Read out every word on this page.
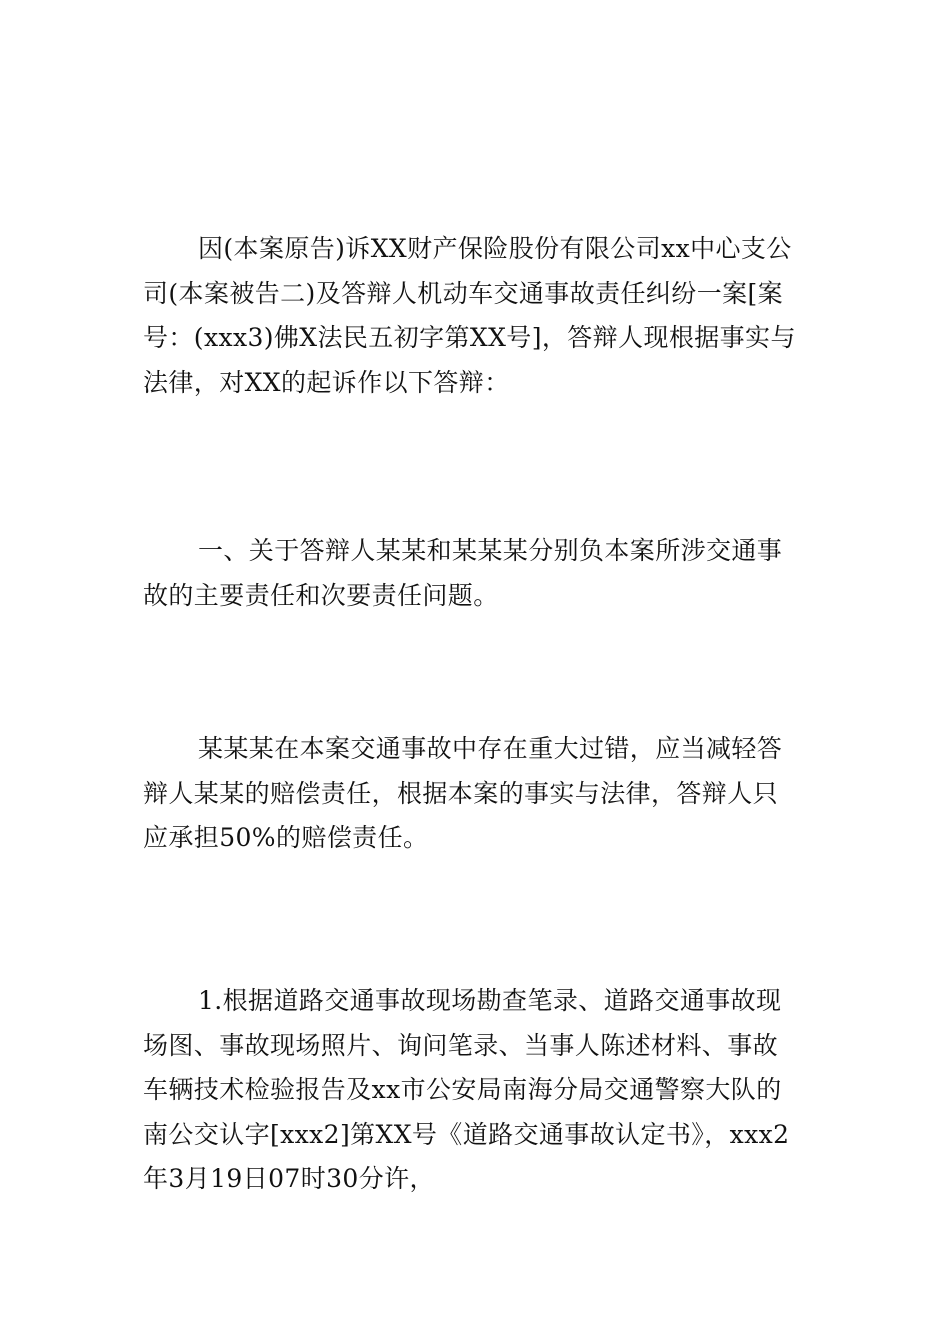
因(本案原告)诉XX财产保险股份有限公司xx中心支公
司(本案被告二)及答辩人机动车交通事故责任纠纷一案[案
号：(xxx3)佛X法民五初字第XX号]，答辩人现根据事实与
法律，对XX的起诉作以下答辩：
一、关于答辩人某某和某某某分别负本案所涉交通事
故的主要责任和次要责任问题。
某某某在本案交通事故中存在重大过错，应当减轻答
辩人某某的赔偿责任，根据本案的事实与法律，答辩人只
应承担50%的赔偿责任。
1.根据道路交通事故现场勘查笔录、道路交通事故现
场图、事故现场照片、询问笔录、当事人陈述材料、事故
车辆技术检验报告及xx市公安局南海分局交通警察大队的
南公交认字[xxx2]第XX号《道路交通事故认定书》，xxx2
年3月19日07时30分许，
